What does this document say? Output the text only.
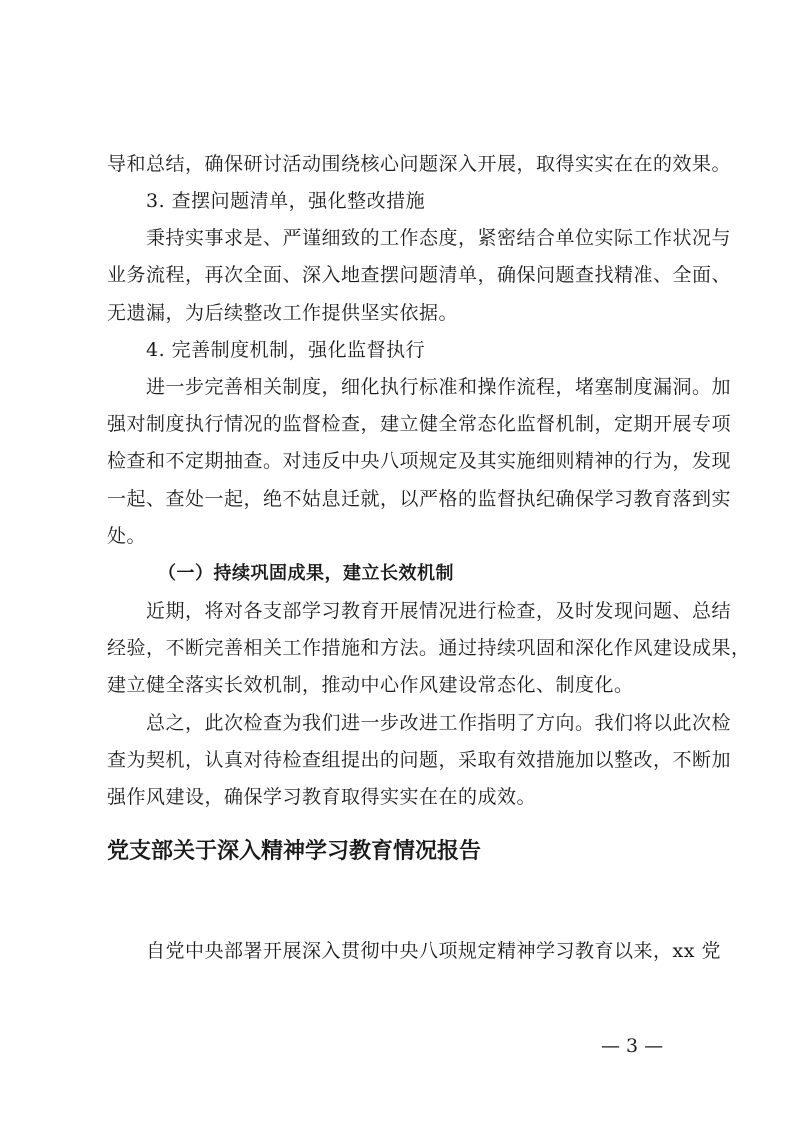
导和总结，确保研讨活动围绕核心问题深入开展，取得实实在在的效果。
3. 查摆问题清单，强化整改措施
秉持实事求是、严谨细致的工作态度，紧密结合单位实际工作状况与
业务流程，再次全面、深入地查摆问题清单，确保问题查找精准、全面、
无遗漏，为后续整改工作提供坚实依据。
4. 完善制度机制，强化监督执行
进一步完善相关制度，细化执行标准和操作流程，堵塞制度漏洞。加
强对制度执行情况的监督检查，建立健全常态化监督机制，定期开展专项
检查和不定期抽查。对违反中央八项规定及其实施细则精神的行为，发现
一起、查处一起，绝不姑息迁就，以严格的监督执纪确保学习教育落到实
处。
（一）持续巩固成果，建立长效机制
近期，将对各支部学习教育开展情况进行检查，及时发现问题、总结
经验，不断完善相关工作措施和方法。通过持续巩固和深化作风建设成果，
建立健全落实长效机制，推动中心作风建设常态化、制度化。
总之，此次检查为我们进一步改进工作指明了方向。我们将以此次检
查为契机，认真对待检查组提出的问题，采取有效措施加以整改，不断加
强作风建设，确保学习教育取得实实在在的成效。
党支部关于深入精神学习教育情况报告
自党中央部署开展深入贯彻中央八项规定精神学习教育以来，xx 党
— 3 —
